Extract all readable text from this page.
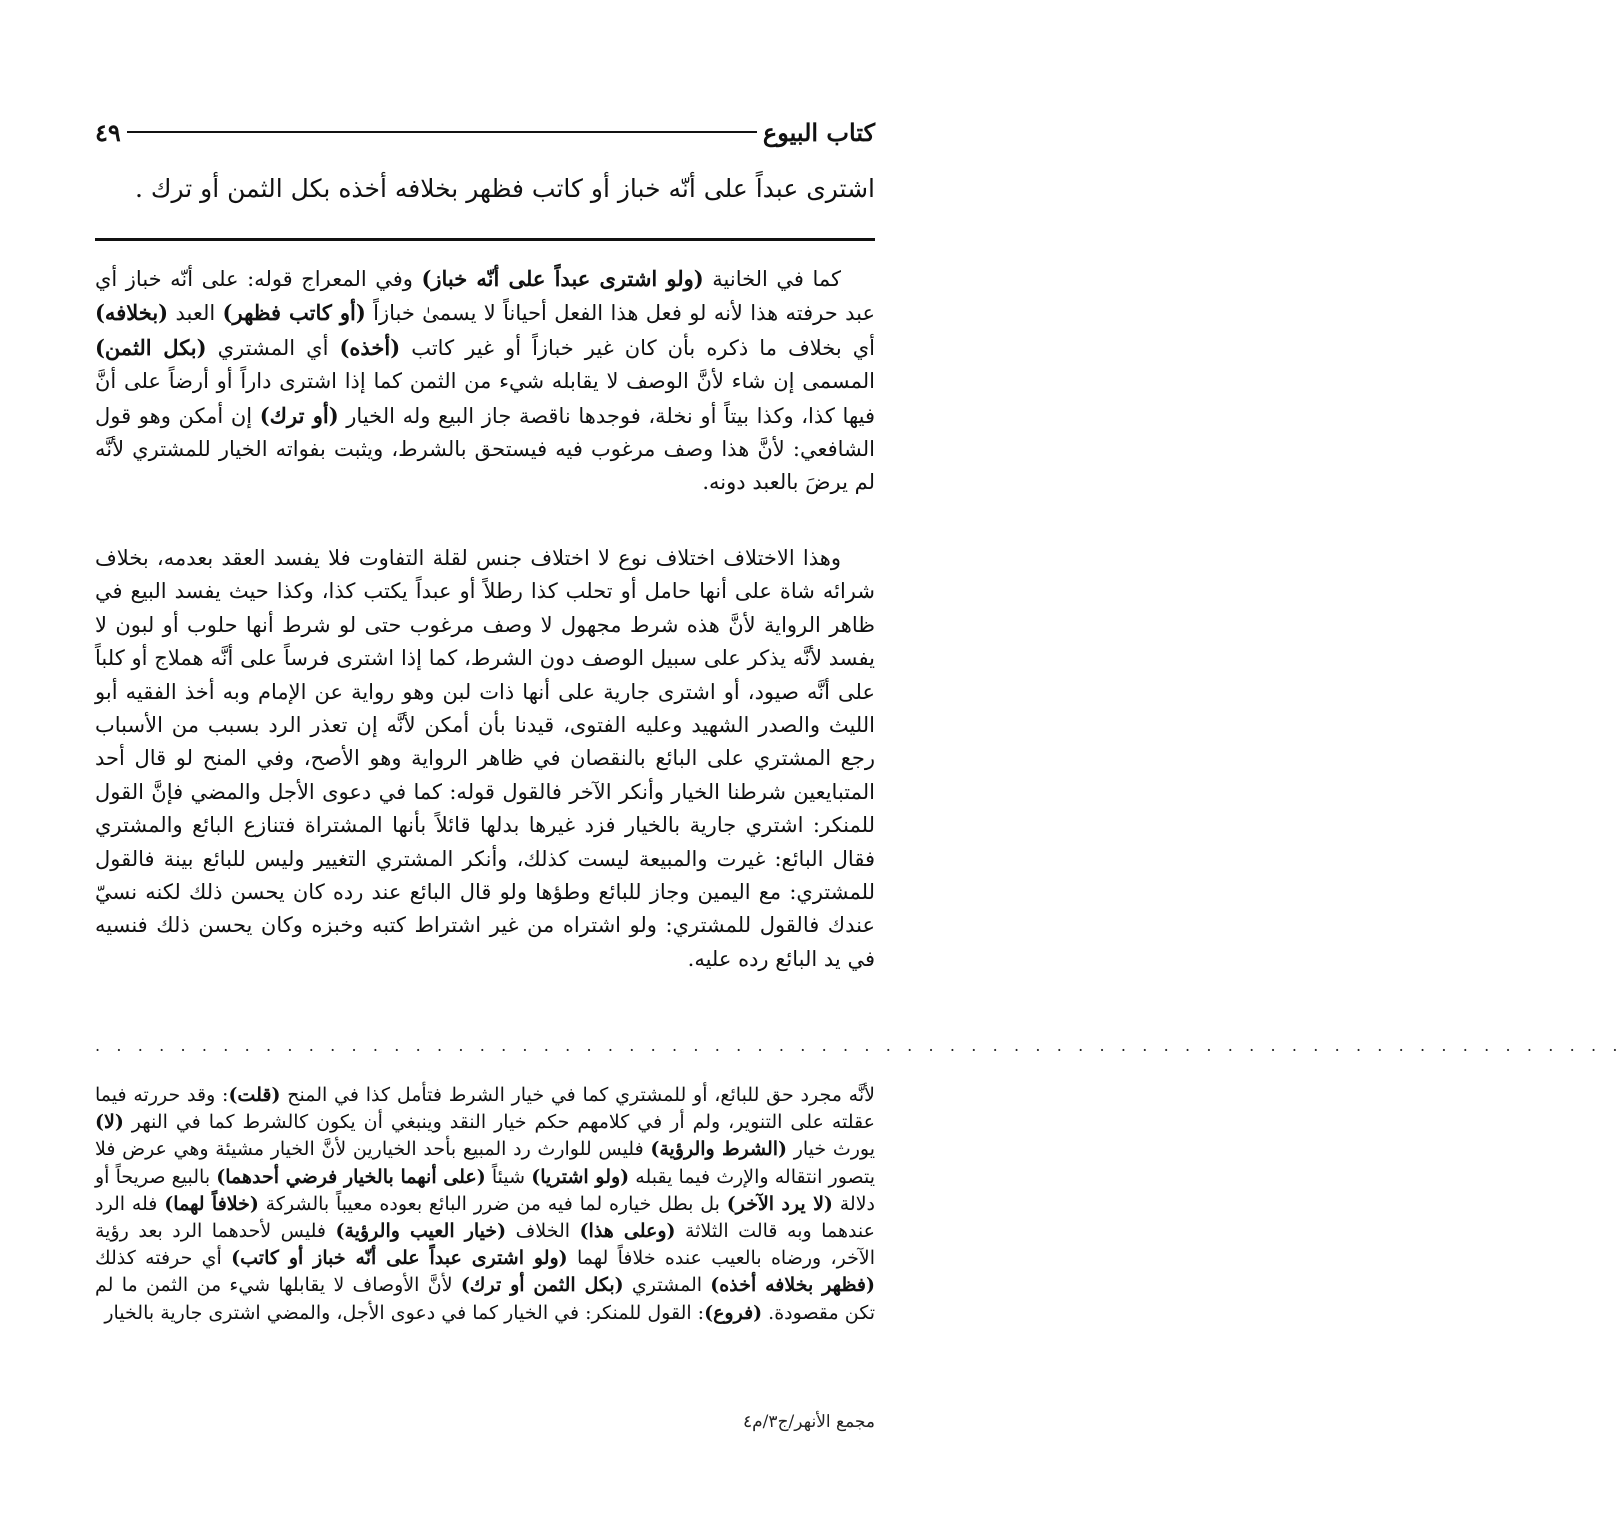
كتاب البيوع
٤٩
اشترى عبداً على أنّه خباز أو كاتب فظهر بخلافه أخذه بكل الثمن أو ترك .

كما في الخانية (ولو اشترى عبداً على أنّه خباز) وفي المعراج قوله: على أنّه خباز أي عبد حرفته هذا لأنه لو فعل هذا الفعل أحياناً لا يسمىٰ خبازاً (أو كاتب فظهر) العبد (بخلافه) أي بخلاف ما ذكره بأن كان غير خبازاً أو غير كاتب (أخذه) أي المشتري (بكل الثمن) المسمى إن شاء لأنَّ الوصف لا يقابله شيء من الثمن كما إذا اشترى داراً أو أرضاً على أنَّ فيها كذا، وكذا بيتاً أو نخلة، فوجدها ناقصة جاز البيع وله الخيار (أو ترك) إن أمكن وهو قول الشافعي: لأنَّ هذا وصف مرغوب فيه فيستحق بالشرط، ويثبت بفواته الخيار للمشتري لأنَّه لم يرضَ بالعبد دونه.

وهذا الاختلاف اختلاف نوع لا اختلاف جنس لقلة التفاوت فلا يفسد العقد بعدمه، بخلاف شرائه شاة على أنها حامل أو تحلب كذا رطلاً أو عبداً يكتب كذا، وكذا حيث يفسد البيع في ظاهر الرواية لأنَّ هذه شرط مجهول لا وصف مرغوب حتى لو شرط أنها حلوب أو لبون لا يفسد لأنَّه يذكر على سبيل الوصف دون الشرط، كما إذا اشترى فرساً على أنَّه هملاج أو كلباً على أنَّه صيود، أو اشترى جارية على أنها ذات لبن وهو رواية عن الإمام وبه أخذ الفقيه أبو الليث والصدر الشهيد وعليه الفتوى، قيدنا بأن أمكن لأنَّه إن تعذر الرد بسبب من الأسباب رجع المشتري على البائع بالنقصان في ظاهر الرواية وهو الأصح، وفي المنح لو قال أحد المتبايعين شرطنا الخيار وأنكر الآخر فالقول قوله: كما في دعوى الأجل والمضي فإنَّ القول للمنكر: اشتري جارية بالخيار فزد غيرها بدلها قائلاً بأنها المشتراة فتنازع البائع والمشتري فقال البائع: غيرت والمبيعة ليست كذلك، وأنكر المشتري التغيير وليس للبائع بينة فالقول للمشتري: مع اليمين وجاز للبائع وطؤها ولو قال البائع عند رده كان يحسن ذلك لكنه نسيّ عندك فالقول للمشتري: ولو اشتراه من غير اشتراط كتبه وخبزه وكان يحسن ذلك فنسيه في يد البائع رده عليه.

. . . . . . . . . . . . . . . . . . . . . . . . . . . . . . . . . . . . . . . . . . . . . . . . . . . . . . . . . . . . . . . . . . . . . . . .
لأنَّه مجرد حق للبائع، أو للمشتري كما في خيار الشرط فتأمل كذا في المنح (قلت): وقد حررته فيما عقلته على التنوير، ولم أر في كلامهم حكم خيار النقد وينبغي أن يكون كالشرط كما في النهر (لا) يورث خيار (الشرط والرؤية) فليس للوارث رد المبيع بأحد الخيارين لأنَّ الخيار مشيئة وهي عرض فلا يتصور انتقاله والإرث فيما يقبله (ولو اشتريا) شيئاً (على أنهما بالخيار فرضي أحدهما) بالبيع صريحاً أو دلالة (لا يرد الآخر) بل بطل خياره لما فيه من ضرر البائع بعوده معيباً بالشركة (خلافاً لهما) فله الرد عندهما وبه قالت الثلاثة (وعلى هذا) الخلاف (خيار العيب والرؤية) فليس لأحدهما الرد بعد رؤية الآخر، ورضاه بالعيب عنده خلافاً لهما (ولو اشترى عبداً على أنّه خباز أو كاتب) أي حرفته كذلك (فظهر بخلافه أخذه) المشتري (بكل الثمن أو ترك) لأنَّ الأوصاف لا يقابلها شيء من الثمن ما لم تكن مقصودة. (فروع): القول للمنكر: في الخيار كما في دعوى الأجل، والمضي اشترى جارية بالخيار
مجمع الأنهر/ج٣/م٤
